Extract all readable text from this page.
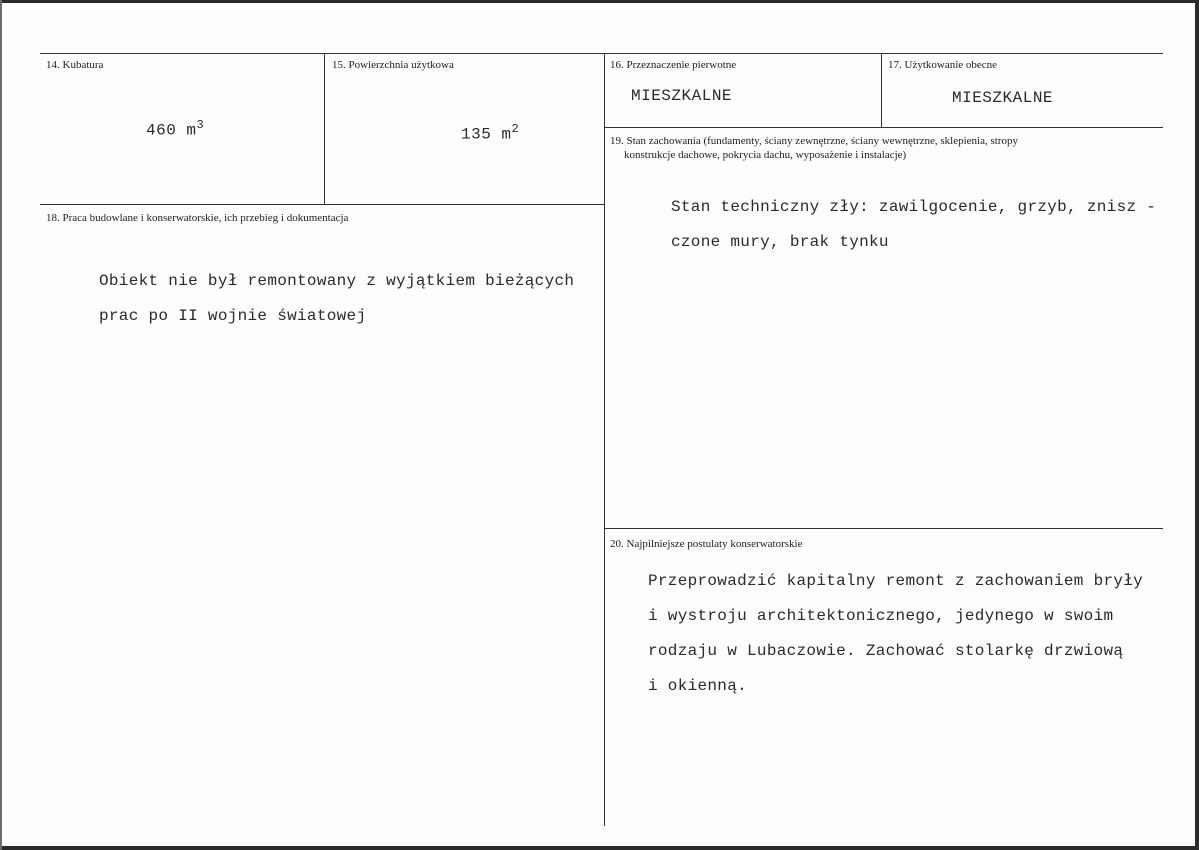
14. Kubatura
460 $m^3$
15. Powierzchnia użytkowa
135 $m^2$
16. Przeznaczenie pierwotne
MIESZKALNE
17. Użytkowanie obecne
MIESZKALNE
19. Stan zachowania (fundamenty, ściany zewnętrzne, ściany wewnętrzne, sklepienia, stropy
konstrukcje dachowe, pokrycia dachu, wyposażenie i instalacje)
Stan techniczny zły: zawilgocenie, grzyb, znisz -
czone mury, brak tynku
18. Praca budowlane i konserwatorskie, ich przebieg i dokumentacja
Obiekt nie był remontowany z wyjątkiem bieżących
prac po II wojnie światowej
20. Najpilniejsze postulaty konserwatorskie
Przeprowadzić kapitalny remont z zachowaniem bryły
i wystroju architektonicznego, jedynego w swoim
rodzaju w Lubaczowie. Zachować stolarkę drzwiową
i okienną.
